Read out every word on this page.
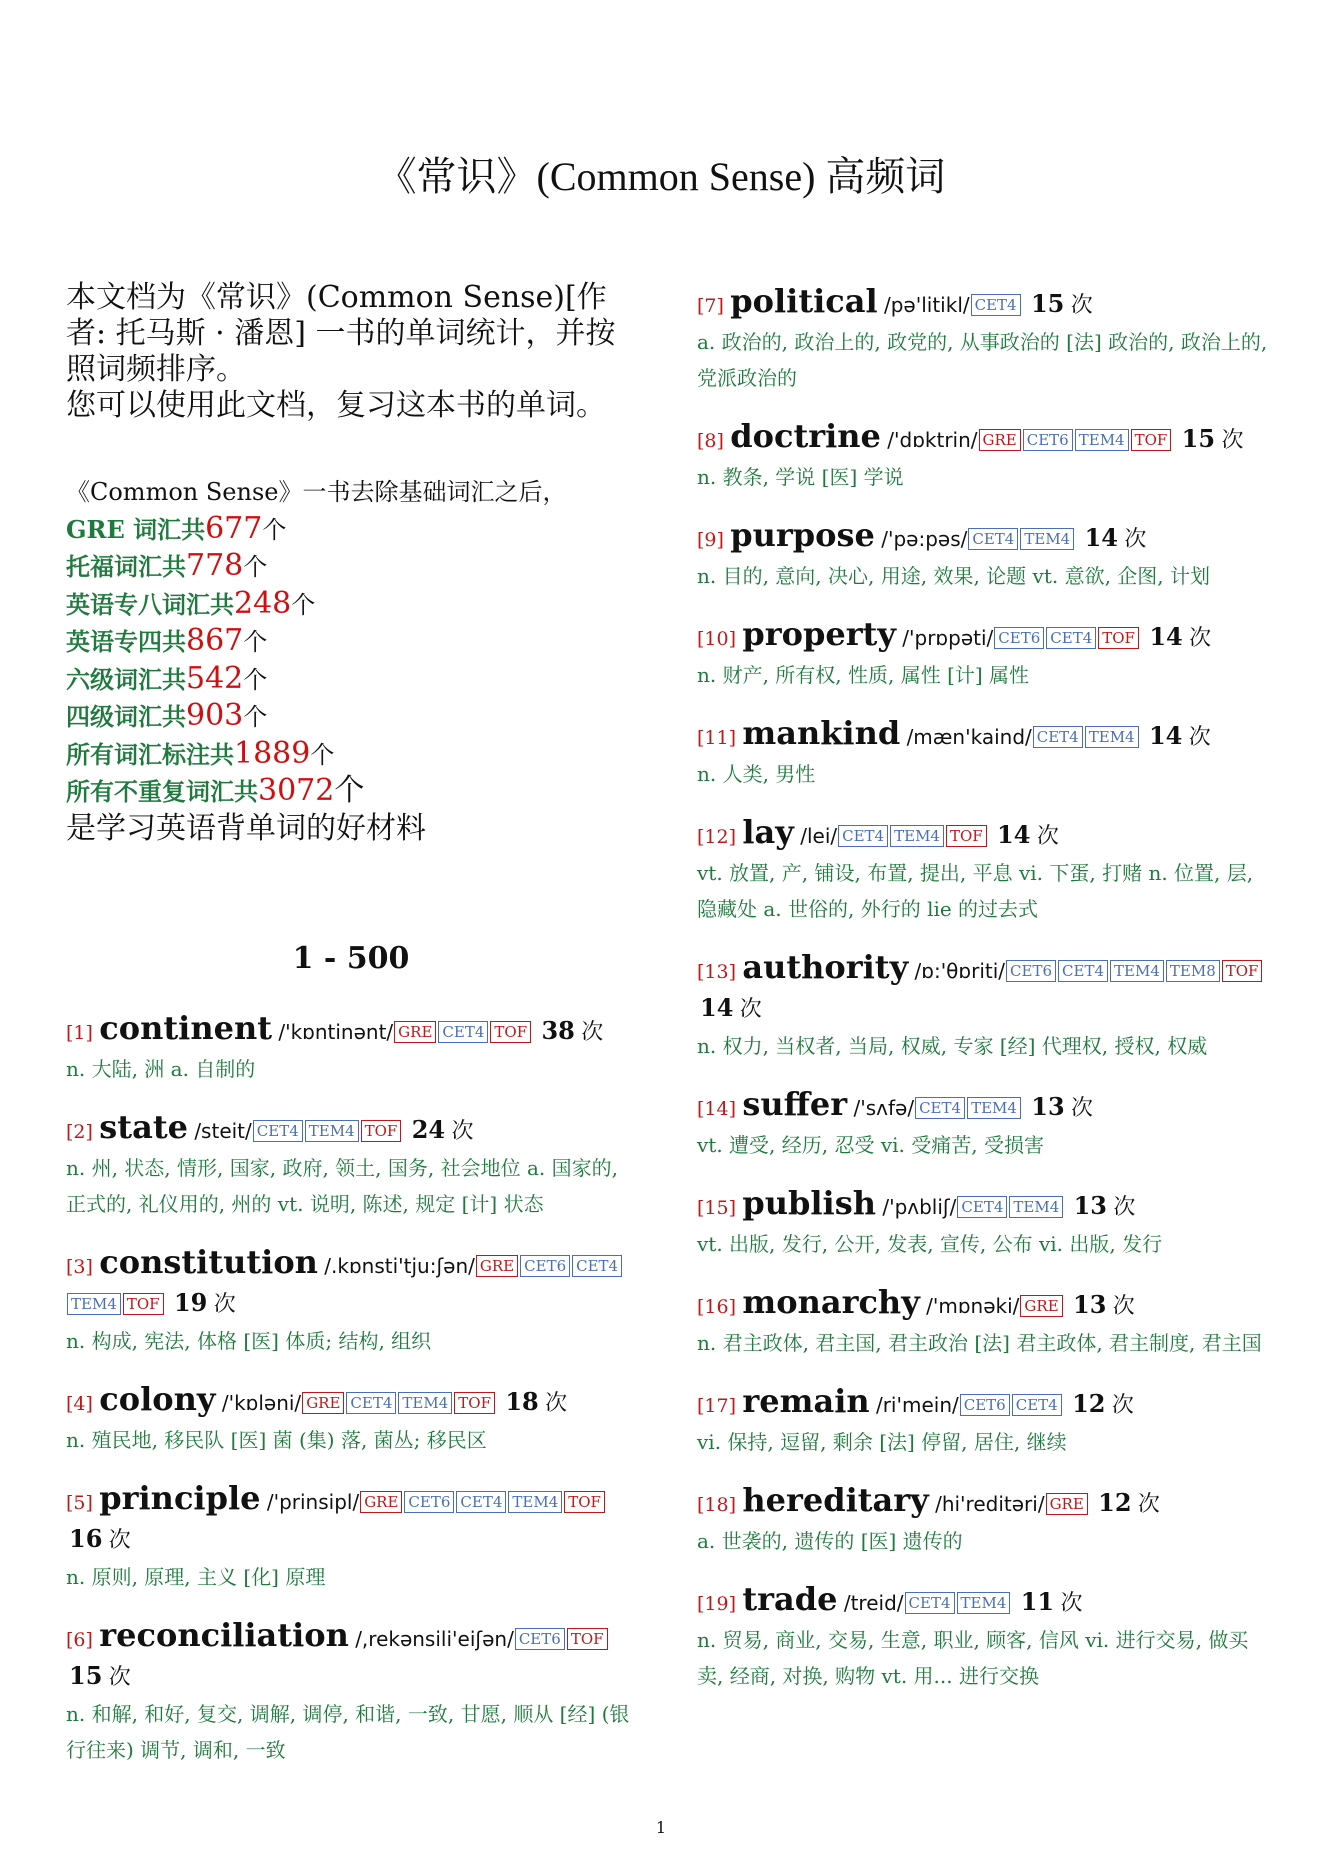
《常识》(Common Sense) 高频词

本文档为《常识》(Common Sense)[作者: 托马斯 · 潘恩] 一书的单词统计，并按照词频排序。

您可以使用此文档，复习这本书的单词。

《Common Sense》一书去除基础词汇之后，
GRE 词汇共677个
托福词汇共778个
英语专八词汇共248个
英语专四共867个
六级词汇共542个
四级词汇共903个
所有词汇标注共1889个
所有不重复词汇共3072个
是学习英语背单词的好材料
1 - 500
[1] continent /'kɒntinənt/ GRE CET4 TOF 38 次
n. 大陆, 洲 a. 自制的
[2] state /steit/ CET4 TEM4 TOF 24 次
n. 州, 状态, 情形, 国家, 政府, 领土, 国务, 社会地位 a. 国家的, 正式的, 礼仪用的, 州的 vt. 说明, 陈述, 规定 [计] 状态
[3] constitution /.kɒnsti'tju:ʃən/ GRE CET6 CET4TEM4 TOF 19 次
n. 构成, 宪法, 体格 [医] 体质; 结构, 组织
[4] colony /'kɒləni/ GRE CET4 TEM4 TOF 18 次
n. 殖民地, 移民队 [医] 菌 (集) 落, 菌丛; 移民区
[5] principle /'prinsipl/ GRE CET6 CET4 TEM4 TOF 16 次
n. 原则, 原理, 主义 [化] 原理
[6] reconciliation /,rekənsili'eiʃən/ CET6 TOF 15 次
n. 和解, 和好, 复交, 调解, 调停, 和谐, 一致, 甘愿, 顺从 [经] (银行往来) 调节, 调和, 一致
[7] political /pə'litikl/ CET4 15 次
a. 政治的, 政治上的, 政党的, 从事政治的 [法] 政治的, 政治上的, 党派政治的
[8] doctrine /'dɒktrin/ GRE CET6 TEM4 TOF 15 次
n. 教条, 学说 [医] 学说
[9] purpose /'pə:pəs/ CET4 TEM4 14 次
n. 目的, 意向, 决心, 用途, 效果, 论题 vt. 意欲, 企图, 计划
[10] property /'prɒpəti/ CET6 CET4 TOF 14 次
n. 财产, 所有权, 性质, 属性 [计] 属性
[11] mankind /mæn'kaind/ CET4 TEM4 14 次
n. 人类, 男性
[12] lay /lei/ CET4 TEM4 TOF 14 次
vt. 放置, 产, 铺设, 布置, 提出, 平息 vi. 下蛋, 打赌 n. 位置, 层, 隐藏处 a. 世俗的, 外行的 lie 的过去式
[13] authority /ɒ:'θɒriti/ CET6 CET4 TEM4 TEM8 TOF 14 次
n. 权力, 当权者, 当局, 权威, 专家 [经] 代理权, 授权, 权威
[14] suffer /'sʌfə/ CET4 TEM4 13 次
vt. 遭受, 经历, 忍受 vi. 受痛苦, 受损害
[15] publish /'pʌbliʃ/ CET4 TEM4 13 次
vt. 出版, 发行, 公开, 发表, 宣传, 公布 vi. 出版, 发行
[16] monarchy /'mɒnəki/ GRE 13 次
n. 君主政体, 君主国, 君主政治 [法] 君主政体, 君主制度, 君主国
[17] remain /ri'mein/ CET6 CET4 12 次
vi. 保持, 逗留, 剩余 [法] 停留, 居住, 继续
[18] hereditary /hi'reditəri/ GRE 12 次
a. 世袭的, 遗传的 [医] 遗传的
[19] trade /treid/ CET4 TEM4 11 次
n. 贸易, 商业, 交易, 生意, 职业, 顾客, 信风 vi. 进行交易, 做买卖, 经商, 对换, 购物 vt. 用... 进行交换
1
